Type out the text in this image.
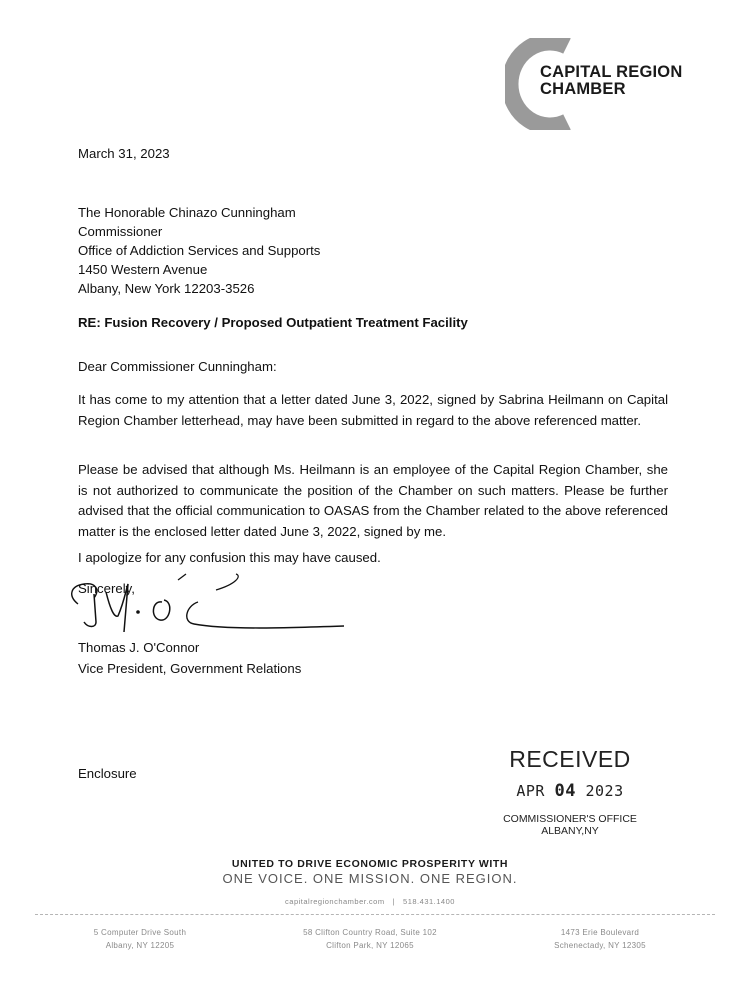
CAPITAL REGION
CHAMBER
March 31, 2023
The Honorable Chinazo Cunningham
Commissioner
Office of Addiction Services and Supports
1450 Western Avenue
Albany, New York 12203-3526
RE: Fusion Recovery / Proposed Outpatient Treatment Facility
Dear Commissioner Cunningham:
It has come to my attention that a letter dated June 3, 2022, signed by Sabrina Heilmann on Capital Region Chamber letterhead, may have been submitted in regard to the above referenced matter.
Please be advised that although Ms. Heilmann is an employee of the Capital Region Chamber, she is not authorized to communicate the position of the Chamber on such matters. Please be further advised that the official communication to OASAS from the Chamber related to the above referenced matter is the enclosed letter dated June 3, 2022, signed by me.
I apologize for any confusion this may have caused.
Sincerely,
Thomas J. O'Connor
Vice President, Government Relations
Enclosure
RECEIVED
APR 04 2023
COMMISSIONER'S OFFICE
ALBANY,NY
UNITED TO DRIVE ECONOMIC PROSPERITY WITH
ONE VOICE. ONE MISSION. ONE REGION.
capitalregionchamber.com | 518.431.1400
5 Computer Drive South
Albany, NY 12205
58 Clifton Country Road, Suite 102
Clifton Park, NY 12065
1473 Erie Boulevard
Schenectady, NY 12305
